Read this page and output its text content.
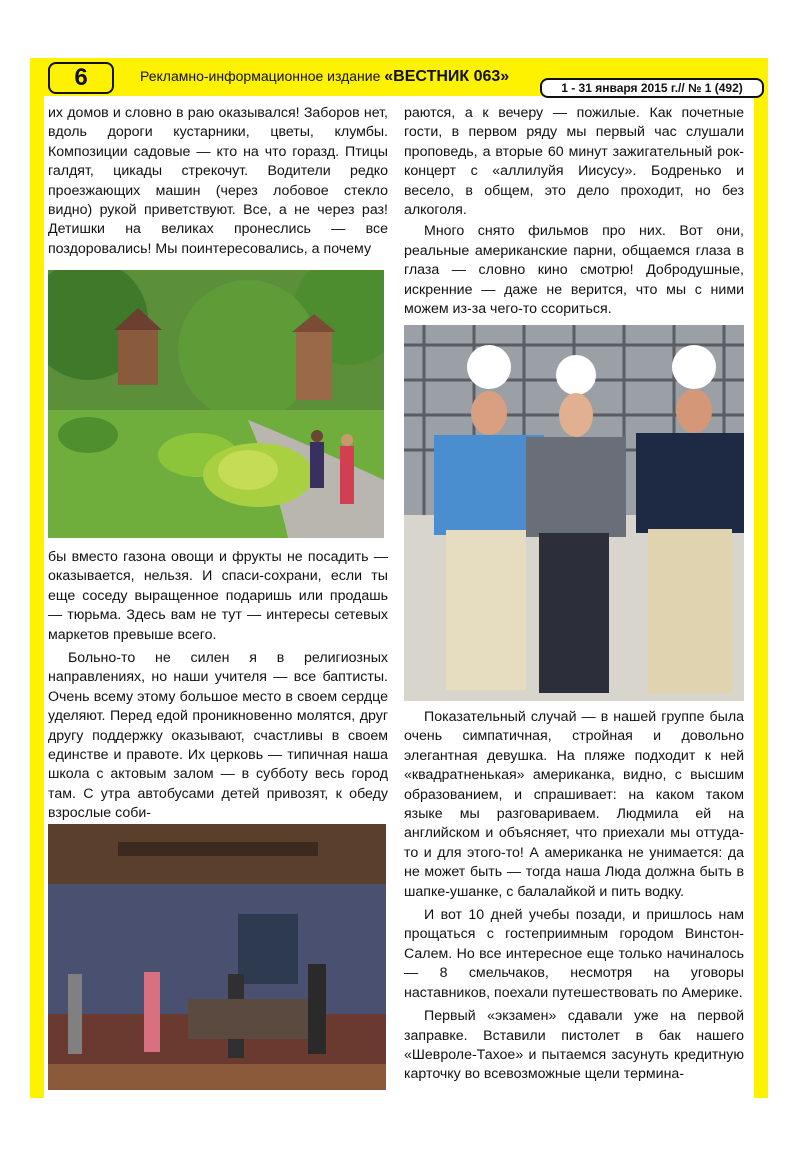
6	Рекламно-информационное издание «ВЕСТНИК 063»
1 - 31 января 2015 г.// № 1 (492)

их домов и словно в раю оказывался! Заборов нет, вдоль дороги кустарники, цветы, клумбы. Композиции садовые — кто на что горазд. Птицы галдят, цикады стрекочут. Водители редко проезжающих машин (через лобовое стекло видно) рукой приветствуют. Все, а не через раз! Детишки на великах пронеслись — все поздоровались! Мы поинтересовались, а почему

бы вместо газона овощи и фрукты не посадить — оказывается, нельзя. И спаси-сохрани, если ты еще соседу выращенное подаришь или продашь — тюрьма. Здесь вам не тут — интересы сетевых маркетов превыше всего.

Больно-то не силен я в религиозных направлениях, но наши учителя — все баптисты. Очень всему этому большое место в своем сердце уделяют. Перед едой проникновенно молятся, друг другу поддержку оказывают, счастливы в своем единстве и правоте. Их церковь — типичная наша школа с актовым залом — в субботу весь город там. С утра автобусами детей привозят, к обеду взрослые соби-

раются, а к вечеру — пожилые. Как почетные гости, в первом ряду мы первый час слушали проповедь, а вторые 60 минут зажигательный рок-концерт с «аллилуйя Иисусу». Бодренько и весело, в общем, это дело проходит, но без алкоголя.

Много снято фильмов про них. Вот они, реальные американские парни, общаемся глаза в глаза — словно кино смотрю! Добродушные, искренние — даже не верится, что мы с ними можем из-за чего-то ссориться.

Показательный случай — в нашей группе была очень симпатичная, стройная и довольно элегантная девушка. На пляже подходит к ней «квадратненькая» американка, видно, с высшим образованием, и спрашивает: на каком таком языке мы разговариваем. Людмила ей на английском и объясняет, что приехали мы оттуда-то и для этого-то! А американка не унимается: да не может быть — тогда наша Люда должна быть в шапке-ушанке, с балалайкой и пить водку.

И вот 10 дней учебы позади, и пришлось нам прощаться с гостеприимным городом Винстон-Салем. Но все интересное еще только начиналось — 8 смельчаков, несмотря на уговоры наставников, поехали путешествовать по Америке.

Первый «экзамен» сдавали уже на первой заправке. Вставили пистолет в бак нашего «Шевроле-Тахое» и пытаемся засунуть кредитную карточку во всевозможные щели термина-
